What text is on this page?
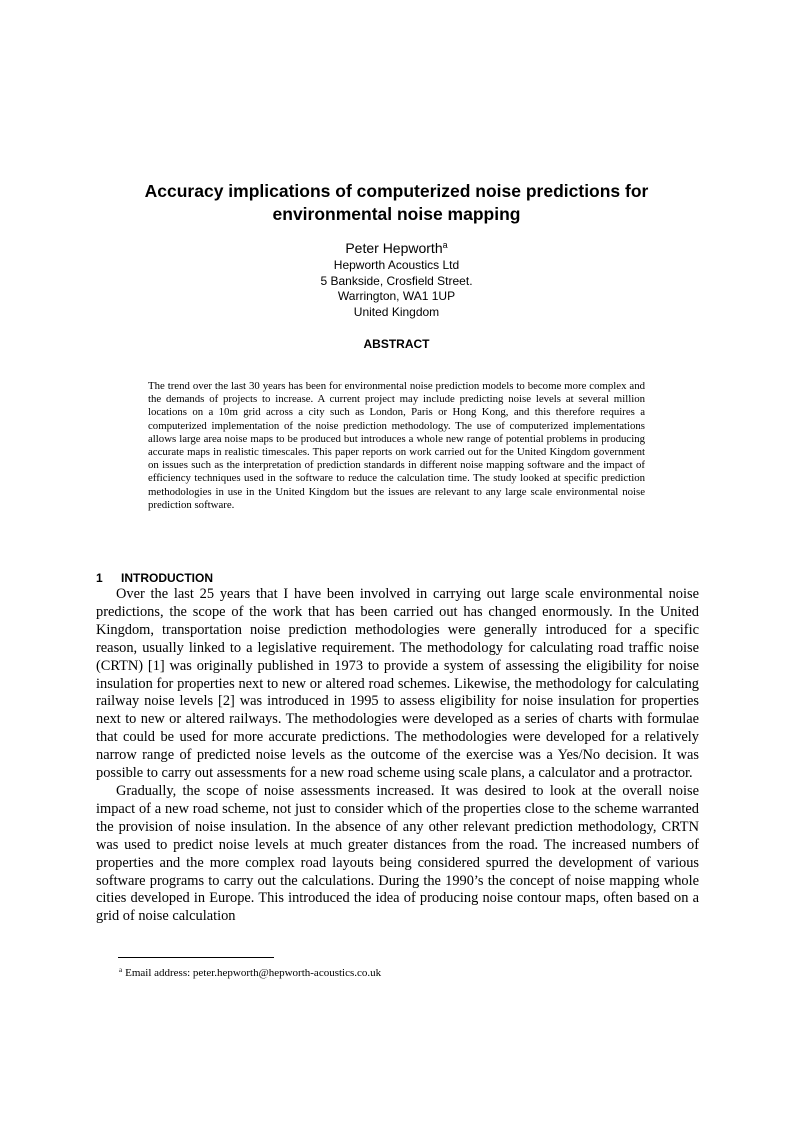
Accuracy implications of computerized noise predictions for
environmental noise mapping
Peter Hepworth$^a$
Hepworth Acoustics Ltd
5 Bankside, Crosfield Street.
Warrington, WA1 1UP
United Kingdom
ABSTRACT

The trend over the last 30 years has been for environmental noise prediction models to become more complex and the demands of projects to increase. A current project may include predicting noise levels at several million locations on a 10m grid across a city such as London, Paris or Hong Kong, and this therefore requires a computerized implementation of the noise prediction methodology. The use of computerized implementations allows large area noise maps to be produced but introduces a whole new range of potential problems in producing accurate maps in realistic timescales. This paper reports on work carried out for the United Kingdom government on issues such as the interpretation of prediction standards in different noise mapping software and the impact of efficiency techniques used in the software to reduce the calculation time. The study looked at specific prediction methodologies in use in the United Kingdom but the issues are relevant to any large scale environmental noise prediction software.

1 INTRODUCTION

Over the last 25 years that I have been involved in carrying out large scale environmental noise predictions, the scope of the work that has been carried out has changed enormously. In the United Kingdom, transportation noise prediction methodologies were generally introduced for a specific reason, usually linked to a legislative requirement. The methodology for calculating road traffic noise (CRTN) [1] was originally published in 1973 to provide a system of assessing the eligibility for noise insulation for properties next to new or altered road schemes. Likewise, the methodology for calculating railway noise levels [2] was introduced in 1995 to assess eligibility for noise insulation for properties next to new or altered railways. The methodologies were developed as a series of charts with formulae that could be used for more accurate predictions. The methodologies were developed for a relatively narrow range of predicted noise levels as the outcome of the exercise was a Yes/No decision. It was possible to carry out assessments for a new road scheme using scale plans, a calculator and a protractor.

Gradually, the scope of noise assessments increased. It was desired to look at the overall noise impact of a new road scheme, not just to consider which of the properties close to the scheme warranted the provision of noise insulation. In the absence of any other relevant prediction methodology, CRTN was used to predict noise levels at much greater distances from the road. The increased numbers of properties and the more complex road layouts being considered spurred the development of various software programs to carry out the calculations. During the 1990’s the concept of noise mapping whole cities developed in Europe. This introduced the idea of producing noise contour maps, often based on a grid of noise calculation

$^a$ Email address: peter.hepworth@hepworth-acoustics.co.uk
